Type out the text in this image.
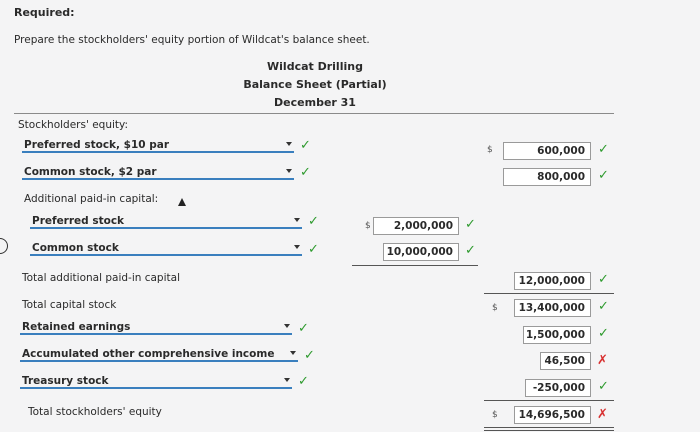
Required:
Prepare the stockholders' equity portion of Wildcat's balance sheet.
Wildcat Drilling
Balance Sheet (Partial)
December 31
Stockholders' equity:
Preferred stock, $10 par	✓	$	600,000	✓
Common stock, $2 par	✓	800,000	✓
Additional paid-in capital:
Preferred stock	✓	$	2,000,000 ✓
Common stock	✓	10,000,000 ✓
Total additional paid-in capital	12,000,000	✓
Total capital stock	$	13,400,000	✓
Retained earnings	✓	1,500,000	✓
Accumulated other comprehensive income ✓	46,500 ✗
Treasury stock	✓	-250,000	✓
Total stockholders' equity	$	14,696,500 ✗
